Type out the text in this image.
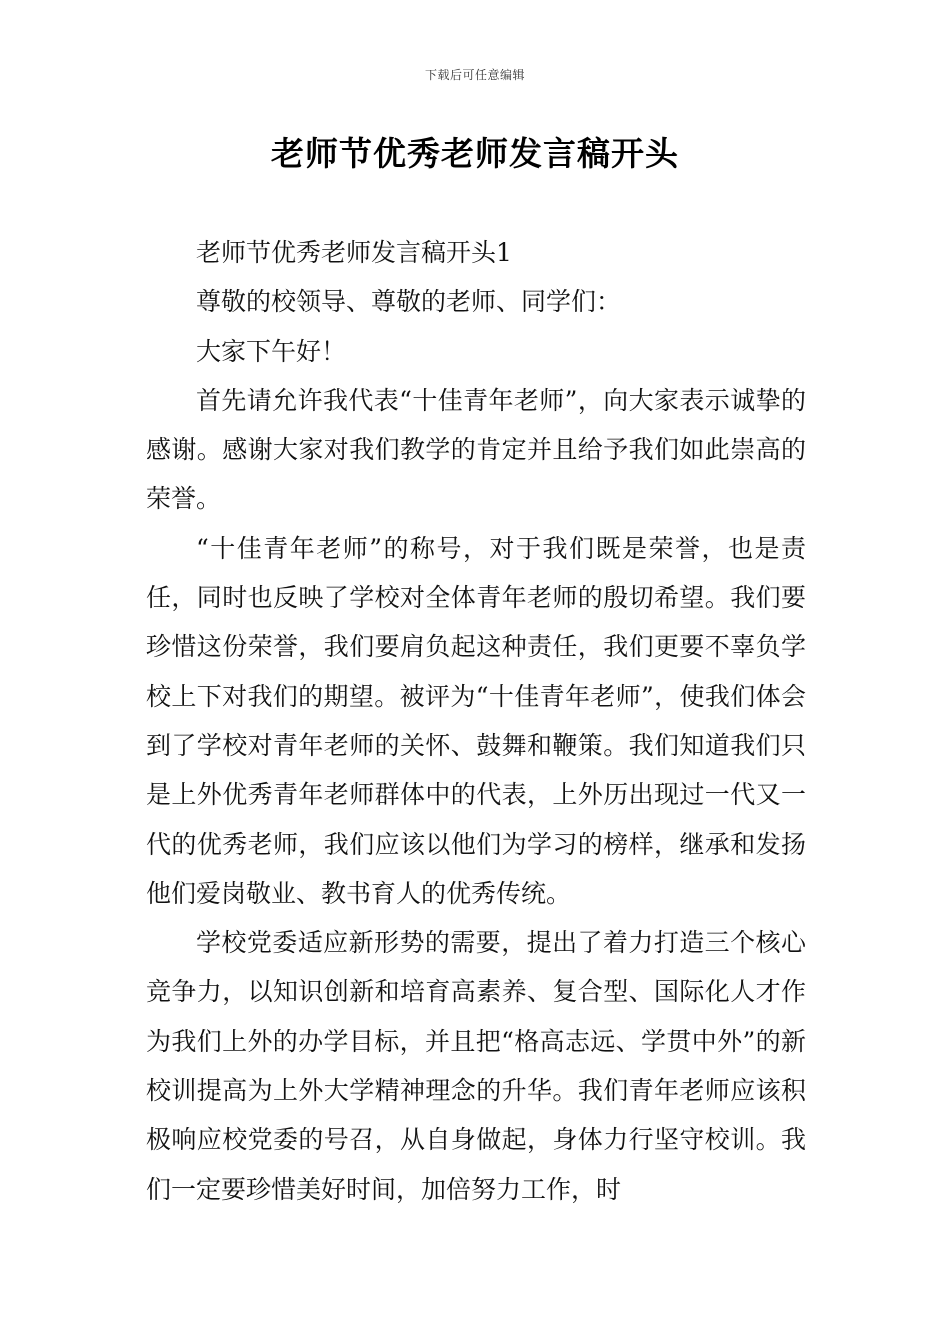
下载后可任意编辑
老师节优秀老师发言稿开头

老师节优秀老师发言稿开头1

尊敬的校领导、尊敬的老师、同学们：

大家下午好！

首先请允许我代表“十佳青年老师”，向大家表示诚挚的感谢。感谢大家对我们教学的肯定并且给予我们如此崇高的荣誉。

“十佳青年老师”的称号，对于我们既是荣誉，也是责任，同时也反映了学校对全体青年老师的殷切希望。我们要珍惜这份荣誉，我们要肩负起这种责任，我们更要不辜负学校上下对我们的期望。被评为“十佳青年老师”，使我们体会到了学校对青年老师的关怀、鼓舞和鞭策。我们知道我们只是上外优秀青年老师群体中的代表，上外历出现过一代又一代的优秀老师，我们应该以他们为学习的榜样，继承和发扬他们爱岗敬业、教书育人的优秀传统。

学校党委适应新形势的需要，提出了着力打造三个核心竞争力，以知识创新和培育高素养、复合型、国际化人才作为我们上外的办学目标，并且把“格高志远、学贯中外”的新校训提高为上外大学精神理念的升华。我们青年老师应该积极响应校党委的号召，从自身做起，身体力行坚守校训。我们一定要珍惜美好时间，加倍努力工作，时
